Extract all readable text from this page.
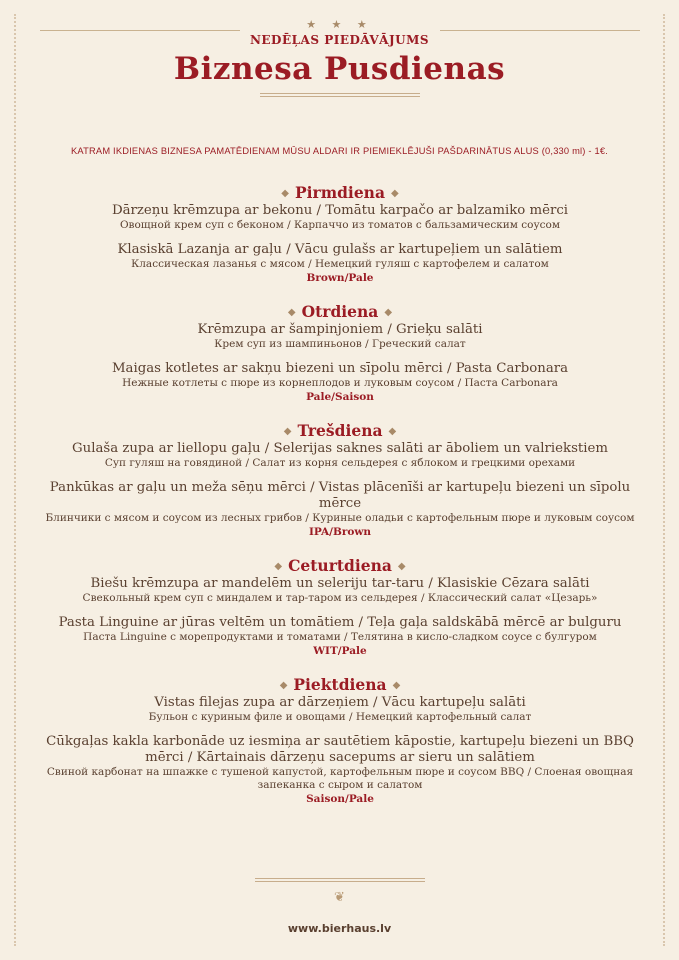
★ ★ ★
NEDĒĻAS PIEDĀVĀJUMS
Biznesa Pusdienas
KATRAM IKDIENAS BIZNESA PAMATĒDIENAM MŪSU ALDARI IR PIEMIEKLĒJUŠI PAŠDARINĀTUS ALUS (0,330 ml) - 1€.
◆ Pirmdiena ◆
Dārzeņu krēmzupa ar bekonu / Tomātu karpačo ar balzamiko mērci
Овощной крем суп с беконом / Карпаччо из томатов с бальзамическим соусом
Klasiskā Lazanja ar gaļu / Vācu gulašs ar kartupeļiem un salātiem
Классическая лазанья с мясом / Немецкий гуляш с картофелем и салатом
Brown/Pale
◆ Otrdiena ◆
Krēmzupa ar šampinjoniem / Grieķu salāti
Крем суп из шампиньонов / Греческий салат
Maigas kotletes ar sakņu biezeni un sīpolu mērci / Pasta Carbonara
Нежные котлеты с пюре из корнеплодов и луковым соусом / Паста Carbonara
Pale/Saison
◆ Trešdiena ◆
Gulaša zupa ar liellopu gaļu / Selerijas saknes salāti ar āboliem un valriekstiem
Суп гуляш на говядиной / Салат из корня сельдерея с яблоком и грецкими орехами
Pankūkas ar gaļu un meža sēņu mērci / Vistas plācenīši ar kartupeļu biezeni un sīpolu mērce
Блинчики с мясом и соусом из лесных грибов / Куриные оладьи с картофельным пюре и луковым соусом
IPA/Brown
◆ Ceturtdiena ◆
Biešu krēmzupa ar mandelēm un seleriju tar-taru / Klasiskie Cēzara salāti
Свекольный крем суп с миндалем и тар-таром из сельдерея / Классический салат «Цезарь»
Pasta Linguine ar jūras veltēm un tomātiem / Teļa gaļa saldskābā mērcē ar bulguru
Паста Linguine с морепродуктами и томатами / Телятина в кисло-сладком соусе с булгуром
WIT/Pale
◆ Piektdiena ◆
Vistas filejas zupa ar dārzeņiem / Vācu kartupeļu salāti
Бульон с куриным филе и овощами / Немецкий картофельный салат
Cūkgaļas kakla karbonāde uz iesmiņa ar sautētiem kāpostie, kartupeļu biezeni un BBQ mērci / Kārtainais dārzeņu sacepums ar sieru un salātiem
Свиной карбонат на шпажке с тушеной капустой, картофельным пюре и соусом BBQ / Слоеная овощная запеканка с сыром и салатом
Saison/Pale
❦
www.bierhaus.lv
